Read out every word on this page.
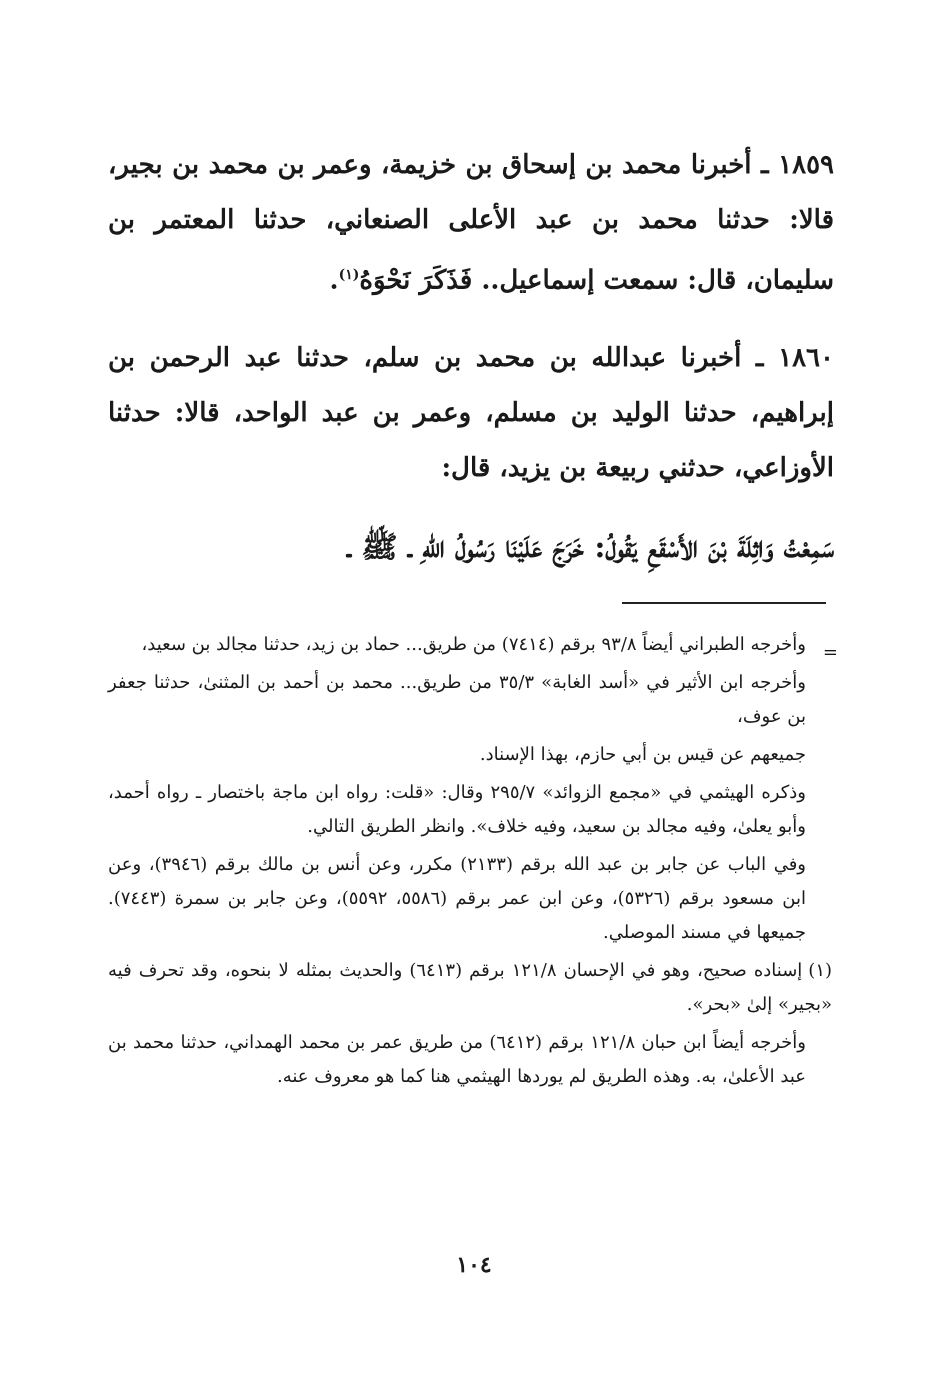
١٨٥٩ ـ أخبرنا محمد بن إسحاق بن خزيمة، وعمر بن محمد بن بجير، قالا: حدثنا محمد بن عبد الأعلى الصنعاني، حدثنا المعتمر بن سليمان، قال: سمعت إسماعيل.. فَذَكَرَ نَحْوَهُ$^{(١)}$.

١٨٦٠ ـ أخبرنا عبدالله بن محمد بن سلم، حدثنا عبد الرحمن بن إبراهيم، حدثنا الوليد بن مسلم، وعمر بن عبد الواحد، قالا: حدثنا الأوزاعي، حدثني ربيعة بن يزيد، قال:

سَمِعْتُ وَاثِلَةَ بْنَ الأَسْقَعِ يَقُولُ: خَرَجَ عَلَيْنَا رَسُولُ اللهِ ـ ﷺ ـ

=

وأخرجه الطبراني أيضاً ٩٣/٨ برقم (٧٤١٤) من طريق... حماد بن زيد، حدثنا مجالد بن سعيد،

وأخرجه ابن الأثير في «أسد الغابة» ٣٥/٣ من طريق... محمد بن أحمد بن المثنىٰ، حدثنا جعفر بن عوف،

جميعهم عن قيس بن أبي حازم، بهذا الإسناد.

وذكره الهيثمي في «مجمع الزوائد» ٢٩٥/٧ وقال: «قلت: رواه ابن ماجة باختصار ـ رواه أحمد، وأبو يعلىٰ، وفيه مجالد بن سعيد، وفيه خلاف». وانظر الطريق التالي.

وفي الباب عن جابر بن عبد الله برقم (٢١٣٣) مكرر، وعن أنس بن مالك برقم (٣٩٤٦)، وعن ابن مسعود برقم (٥٣٢٦)، وعن ابن عمر برقم (٥٥٨٦، ٥٥٩٢)، وعن جابر بن سمرة (٧٤٤٣). جميعها في مسند الموصلي.

(١)إسناده صحيح، وهو في الإحسان ١٢١/٨ برقم (٦٤١٣) والحديث بمثله لا بنحوه، وقد تحرف فيه «بجير» إلىٰ «بحر».

وأخرجه أيضاً ابن حبان ١٢١/٨ برقم (٦٤١٢) من طريق عمر بن محمد الهمداني، حدثنا محمد بن عبد الأعلىٰ، به. وهذه الطريق لم يوردها الهيثمي هنا كما هو معروف عنه.

١٠٤
